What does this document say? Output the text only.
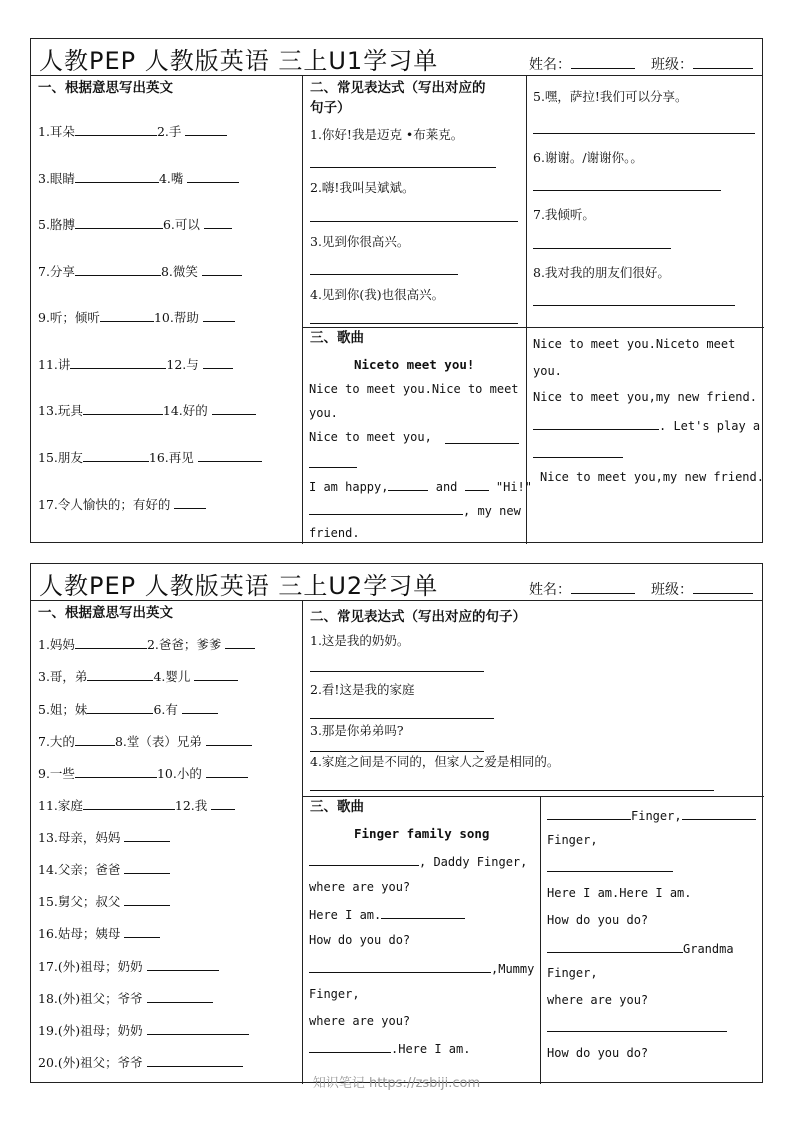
人教PEP 人教版英语 三上U1学习单	姓名：	班级：
一、根据意思写出英文
1.耳朵	2.手
3.眼睛	4.嘴
5.胳膊	6.可以
7.分享	8.微笑
9.听；倾听	10.帮助
11.讲	12.与
13.玩具	14.好的
15.朋友	16.再见
17.令人愉快的；有好的
二、常见表达式（写出对应的
句子）
1.你好!我是迈克 •布莱克。
2.嗨!我叫吴斌斌。
3.见到你很高兴。
4.见到你(我)也很高兴。
5.嘿，萨拉!我们可以分享。
6.谢谢。/谢谢你。。
7.我倾听。
8.我对我的朋友们很好。
三、歌曲
Niceto meet you!
Nice to meet you.Nice to meet
you.
Nice to meet you,
I am happy,	and	"Hi!"
, my new
friend.
Nice to meet you.Niceto meet
you.
Nice to meet you,my new friend.
. Let's play a
Nice to meet you,my new friend.
人教PEP 人教版英语 三上U2学习单	姓名：	班级：
一、根据意思写出英文
1.妈妈	2.爸爸；爹爹
3.哥，弟	4.婴儿
5.姐；妹	6.有
7.大的	8.堂（表）兄弟
9.一些	10.小的
11.家庭	12.我
13.母亲，妈妈
14.父亲；爸爸
15.舅父；叔父
16.姑母；姨母
17.(外)祖母；奶奶
18.(外)祖父；爷爷
19.(外)祖母；奶奶
20.(外)祖父；爷爷
二、常见表达式（写出对应的句子）
1.这是我的奶奶。
2.看!这是我的家庭
3.那是你弟弟吗?
4.家庭之间是不同的，但家人之爱是相同的。
三、歌曲
Finger family song
, Daddy Finger,
where are you?
Here I am.
How do you do?
,Mummy
Finger,
where are you?
.Here I am.
Finger,
Finger,
Here I am.Here I am.
How do you do?
Grandma
Finger,
where are you?
How do you do?
知识笔记 https://zsbiji.com
